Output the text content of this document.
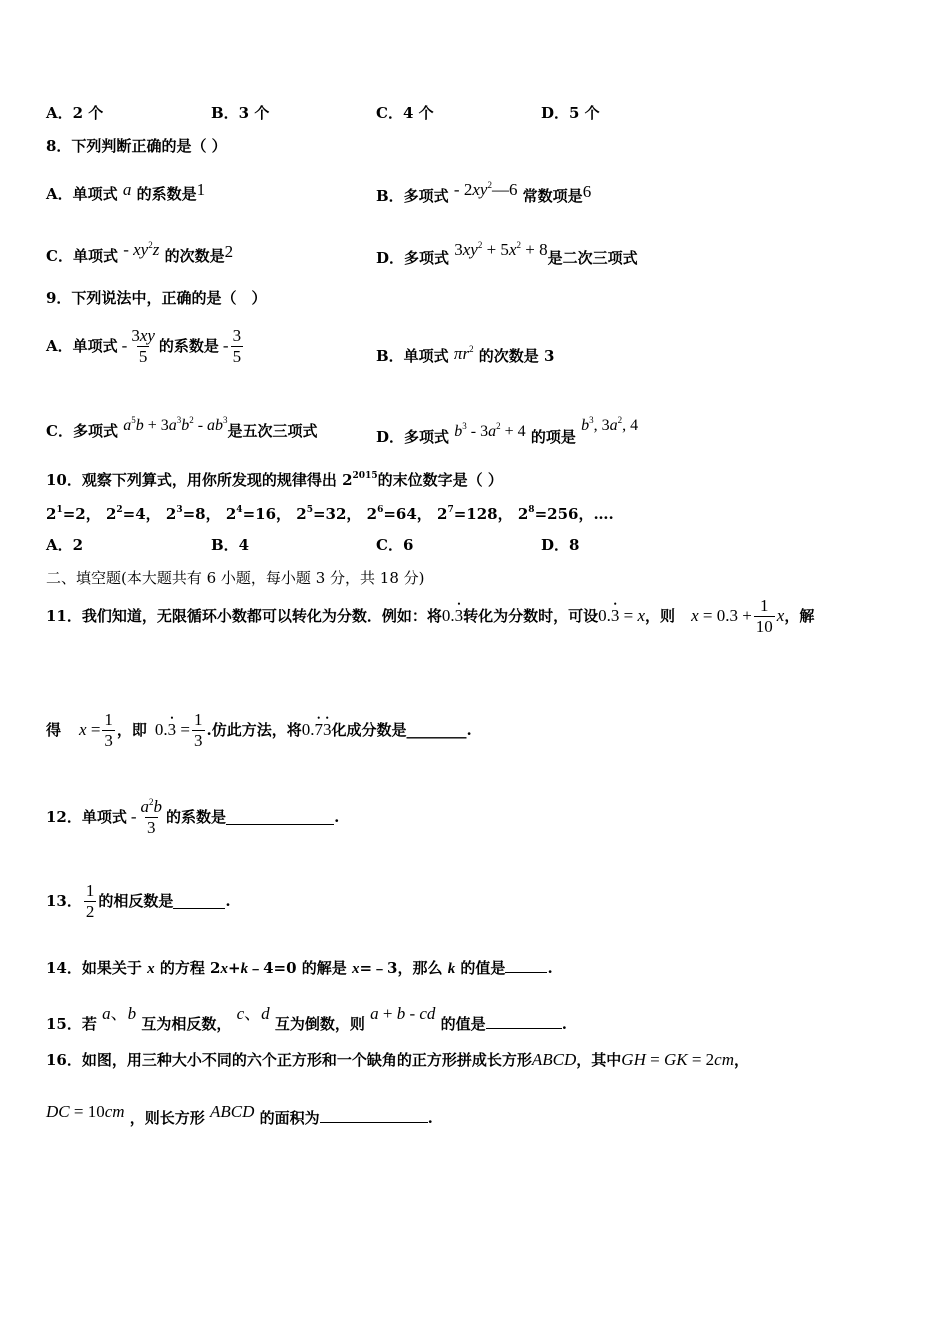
A．2 个	B．3 个	C．4 个	D．5 个
8．下列判断正确的是（ ）
A．单项式 a 的系数是1	B．多项式 - $2xy^2—6$ 常数项是6
C．单项式 - $xy^2z$ 的次数是2	D．多项式 $3xy^2 + 5x^2 + 8$是二次三项式
9．下列说法中，正确的是（　）
A．单项式 - $\frac{3xy}{5}$ 的系数是 - $\frac{3}{5}$	B．单项式 $\pi r^2$ 的次数是 3
C．多项式 $a^5b + 3a^3b^2 - ab^3$是五次三项式	D．多项式 $b^3 - 3a^2 + 4$ 的项是 $b^3$, $3a^2$, 4
10．观察下列算式，用你所发现的规律得出 $2^{2015}$的末位数字是（ ）
$2^1=2$， $2^2=4$， $2^3=8$， $2^4=16$， $2^5=32$， $2^6=64$， $2^7=128$， $2^8=256$，….
A．2	B．4	C．6	D．8
二、填空题(本大题共有 6 小题，每小题 3 分，共 18 分)
11．我们知道，无限循环小数都可以转化为分数．例如：将 0.3 • 转化为分数时，可设 0.3 • = x ，则 $x = 0.3 + \frac{1}{10}$ x ，解
得 $x = \frac{1}{3}$ ，即 0.3 • = $\frac{1}{3}$ .仿此方法，将 0.7 •3 • 化成分数是________.
12．单项式 - $\frac{a^2b}{3}$ 的系数是	.
13． $\frac{1}{2}$ 的相反数是	.
14．如果关于 x 的方程 2x+k﹣4=0 的解是 x=﹣3，那么 k 的值是	.
15．若 a、b 互为相反数， c、d 互为倒数，则 a + b - cd 的值是	.
16．如图，用三种大小不同的六个正方形和一个缺角的正方形拼成长方形ABCD，其中GH = GK = 2cm，
DC = 10cm ，则长方形 ABCD 的面积为	.
